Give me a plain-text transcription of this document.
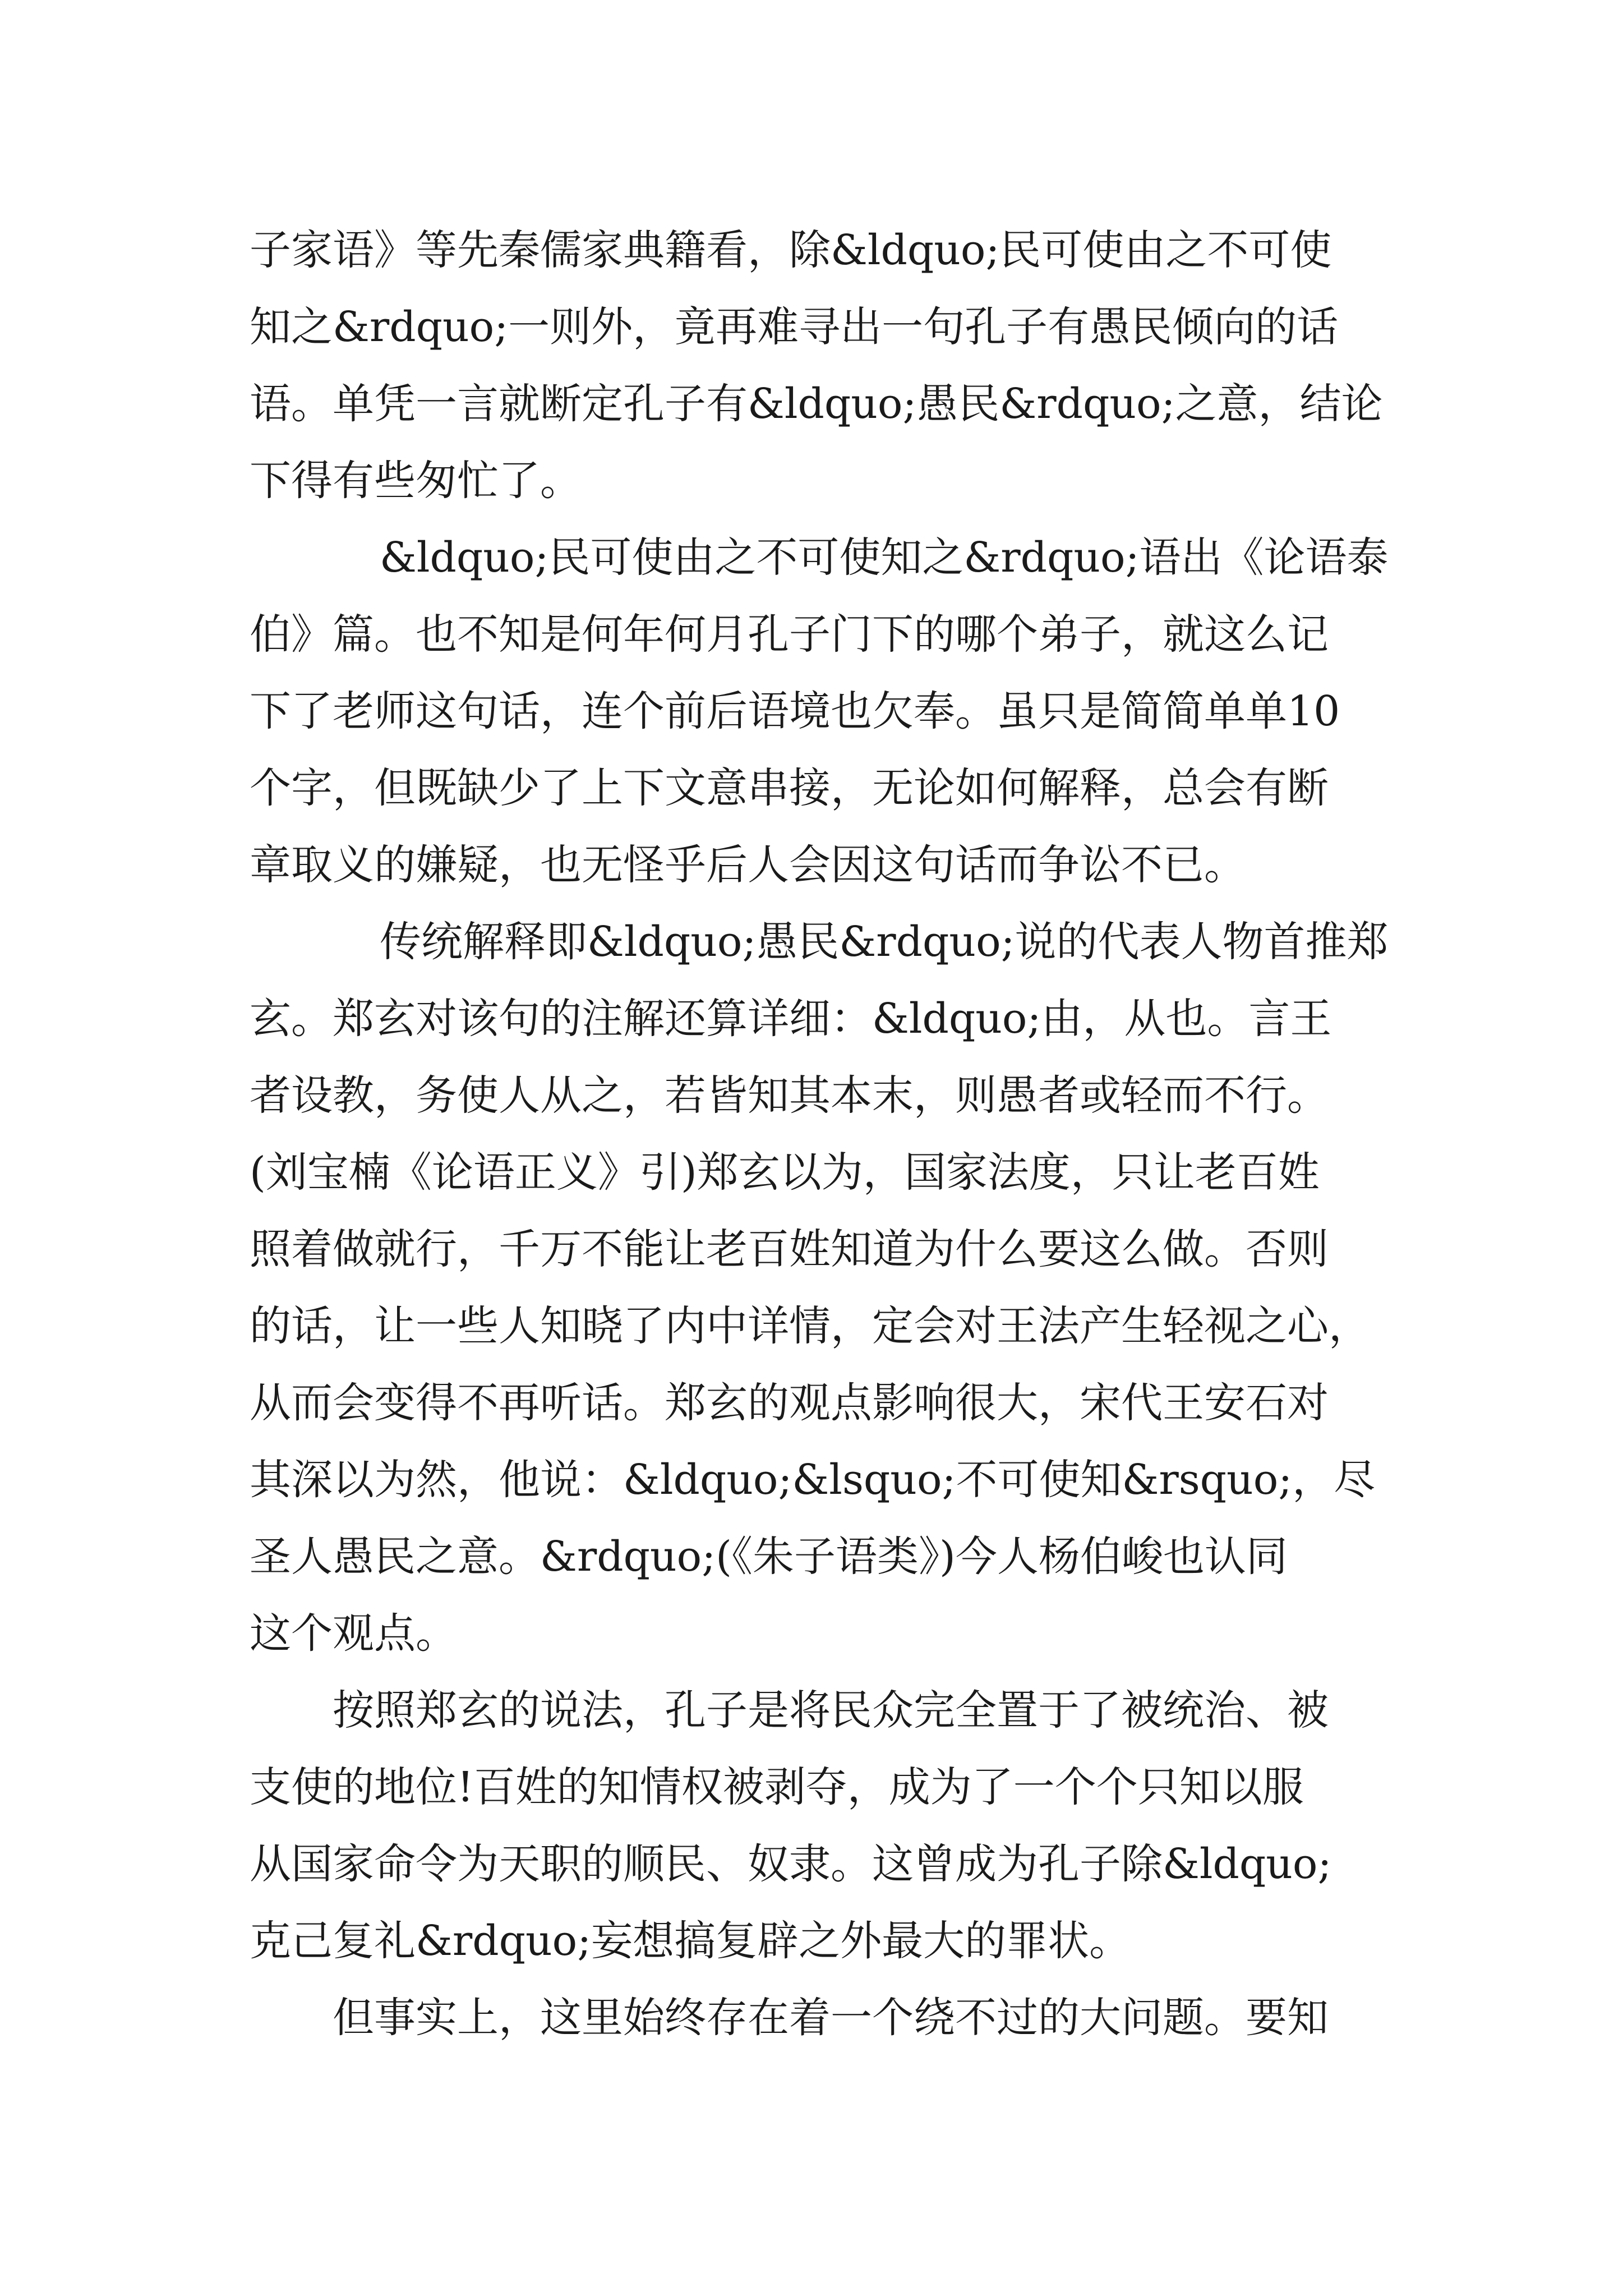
子家语》等先秦儒家典籍看，除&ldquo;民可使由之不可使
知之&rdquo;一则外，竟再难寻出一句孔子有愚民倾向的话
语。单凭一言就断定孔子有&ldquo;愚民&rdquo;之意，结论
下得有些匆忙了。
&ldquo;民可使由之不可使知之&rdquo;语出《论语泰
伯》篇。也不知是何年何月孔子门下的哪个弟子，就这么记
下了老师这句话，连个前后语境也欠奉。虽只是简简单单10
个字，但既缺少了上下文意串接，无论如何解释，总会有断
章取义的嫌疑，也无怪乎后人会因这句话而争讼不已。
传统解释即&ldquo;愚民&rdquo;说的代表人物首推郑
玄。郑玄对该句的注解还算详细：&ldquo;由，从也。言王
者设教，务使人从之，若皆知其本末，则愚者或轻而不行。
(刘宝楠《论语正义》引)郑玄以为，国家法度，只让老百姓
照着做就行，千万不能让老百姓知道为什么要这么做。否则
的话，让一些人知晓了内中详情，定会对王法产生轻视之心，
从而会变得不再听话。郑玄的观点影响很大，宋代王安石对
其深以为然，他说：&ldquo;&lsquo;不可使知&rsquo;，尽
圣人愚民之意。&rdquo;(《朱子语类》)今人杨伯峻也认同
这个观点。
按照郑玄的说法，孔子是将民众完全置于了被统治、被
支使的地位!百姓的知情权被剥夺，成为了一个个只知以服
从国家命令为天职的顺民、奴隶。这曾成为孔子除&ldquo;
克己复礼&rdquo;妄想搞复辟之外最大的罪状。
但事实上，这里始终存在着一个绕不过的大问题。要知
